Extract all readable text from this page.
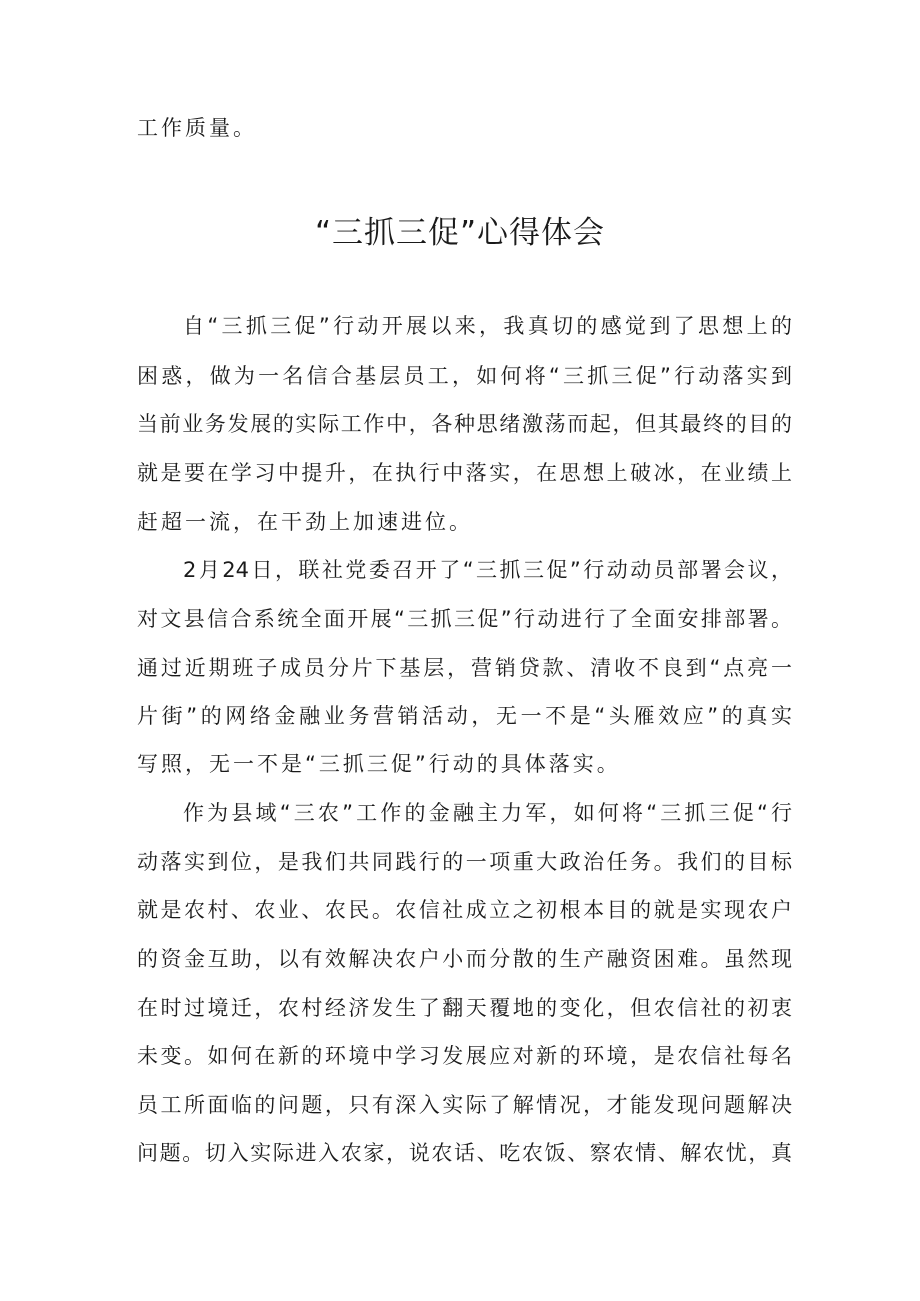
工作质量。
“三抓三促”心得体会
自“三抓三促”行动开展以来，我真切的感觉到了思想上的
困惑，做为一名信合基层员工，如何将“三抓三促”行动落实到
当前业务发展的实际工作中，各种思绪激荡而起，但其最终的目的
就是要在学习中提升，在执行中落实，在思想上破冰，在业绩上
赶超一流，在干劲上加速进位。
2月24日，联社党委召开了“三抓三促”行动动员部署会议，
对文县信合系统全面开展“三抓三促”行动进行了全面安排部署。
通过近期班子成员分片下基层，营销贷款、清收不良到“点亮一
片街”的网络金融业务营销活动，无一不是“头雁效应”的真实
写照，无一不是“三抓三促”行动的具体落实。
作为县域“三农”工作的金融主力军，如何将“三抓三促“行
动落实到位，是我们共同践行的一项重大政治任务。我们的目标
就是农村、农业、农民。农信社成立之初根本目的就是实现农户
的资金互助，以有效解决农户小而分散的生产融资困难。虽然现
在时过境迁，农村经济发生了翻天覆地的变化，但农信社的初衷
未变。如何在新的环境中学习发展应对新的环境，是农信社每名
员工所面临的问题，只有深入实际了解情况，才能发现问题解决
问题。切入实际进入农家，说农话、吃农饭、察农情、解农忧，真
